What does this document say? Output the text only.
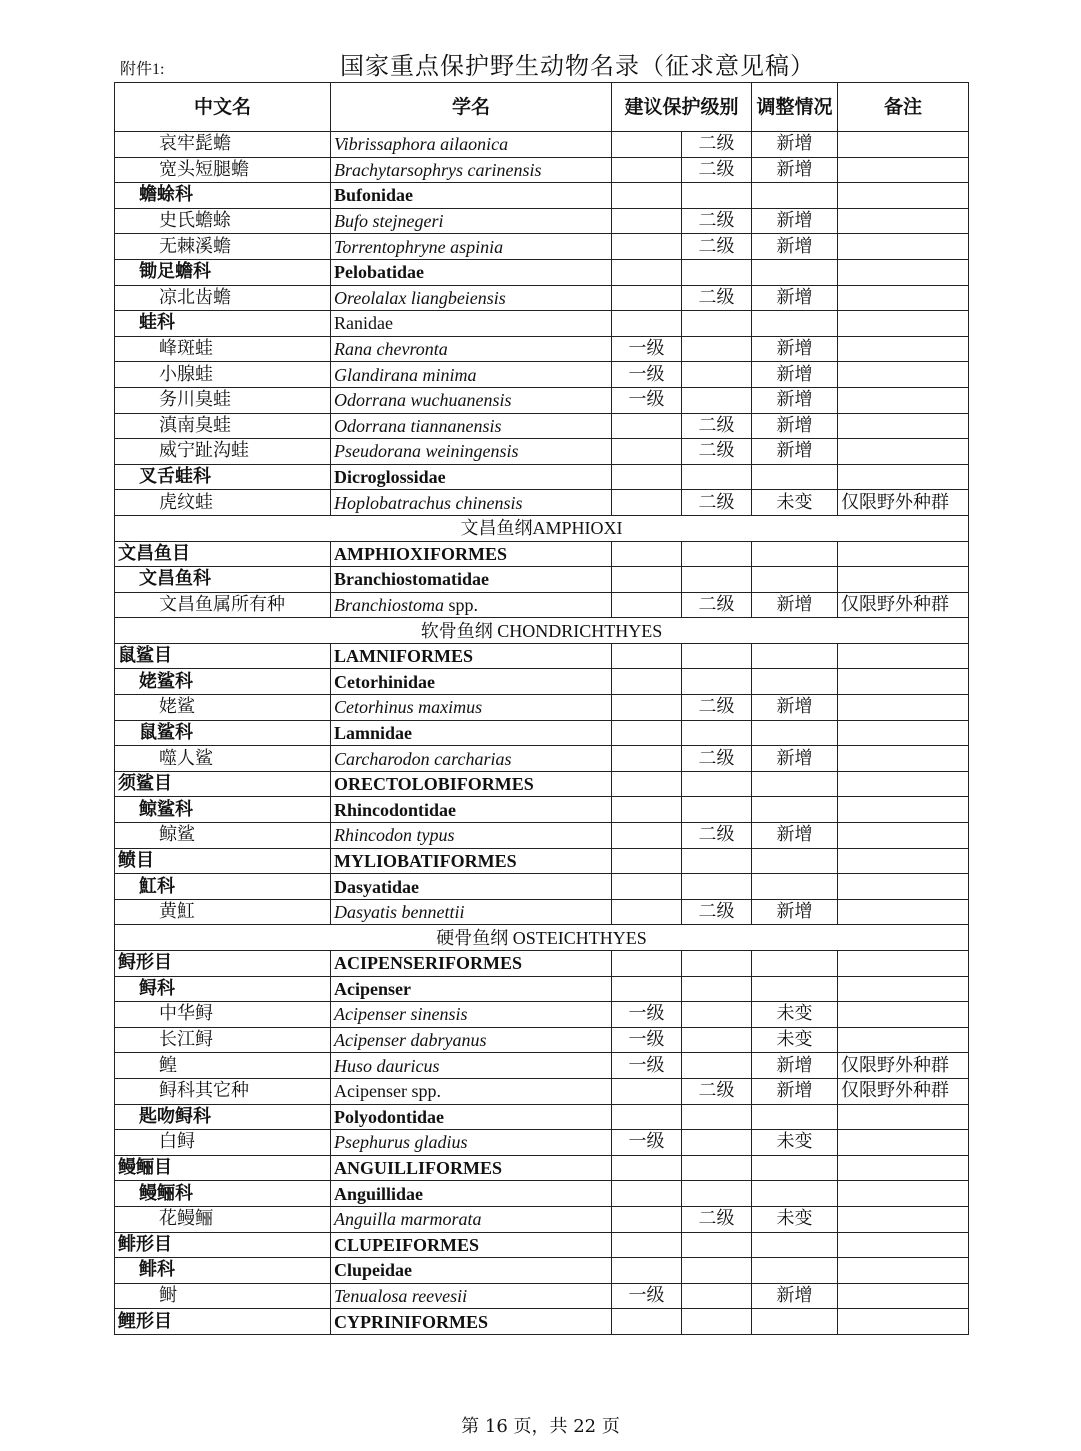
附件1:	国家重点保护野生动物名录（征求意见稿）
中文名	学名	建议保护级别		调整情况	备注
哀牢髭蟾	Vibrissaphora ailaonica		二级	新增	
宽头短腿蟾	Brachytarsophrys carinensis		二级	新增	
蟾蜍科	Bufonidae				
史氏蟾蜍	Bufo stejnegeri		二级	新增	
无棘溪蟾	Torrentophryne aspinia		二级	新增	
锄足蟾科	Pelobatidae				
凉北齿蟾	Oreolalax liangbeiensis		二级	新增	
蛙科	Ranidae				
峰斑蛙	Rana chevronta	一级		新增	
小腺蛙	Glandirana minima	一级		新增	
务川臭蛙	Odorrana wuchuanensis	一级		新增	
滇南臭蛙	Odorrana tiannanensis		二级	新增	
威宁趾沟蛙	Pseudorana weiningensis		二级	新增	
叉舌蛙科	Dicroglossidae				
虎纹蛙	Hoplobatrachus chinensis		二级	未变	仅限野外种群
文昌鱼纲AMPHIOXI					
文昌鱼目	AMPHIOXIFORMES				
文昌鱼科	Branchiostomatidae				
文昌鱼属所有种	Branchiostoma spp.		二级	新增	仅限野外种群
软骨鱼纲 CHONDRICHTHYES					
鼠鲨目	LAMNIFORMES				
姥鲨科	Cetorhinidae				
姥鲨	Cetorhinus maximus		二级	新增	
鼠鲨科	Lamnidae				
噬人鲨	Carcharodon carcharias		二级	新增	
须鲨目	ORECTOLOBIFORMES				
鲸鲨科	Rhincodontidae				
鲸鲨	Rhincodon typus		二级	新增	
鲼目	MYLIOBATIFORMES				
魟科	Dasyatidae				
黄魟	Dasyatis bennettii		二级	新增	
硬骨鱼纲 OSTEICHTHYES					
鲟形目	ACIPENSERIFORMES				
鲟科	Acipenser				
中华鲟	Acipenser sinensis	一级		未变	
长江鲟	Acipenser dabryanus	一级		未变	
鳇	Huso dauricus	一级		新增	仅限野外种群
鲟科其它种	Acipenser spp.		二级	新增	仅限野外种群
匙吻鲟科	Polyodontidae				
白鲟	Psephurus gladius	一级		未变	
鳗鲡目	ANGUILLIFORMES				
鳗鲡科	Anguillidae				
花鳗鲡	Anguilla marmorata		二级	未变	
鲱形目	CLUPEIFORMES				
鲱科	Clupeidae				
鲥	Tenualosa reevesii	一级		新增	
鲤形目	CYPRINIFORMES				
第 16 页，共 22 页
